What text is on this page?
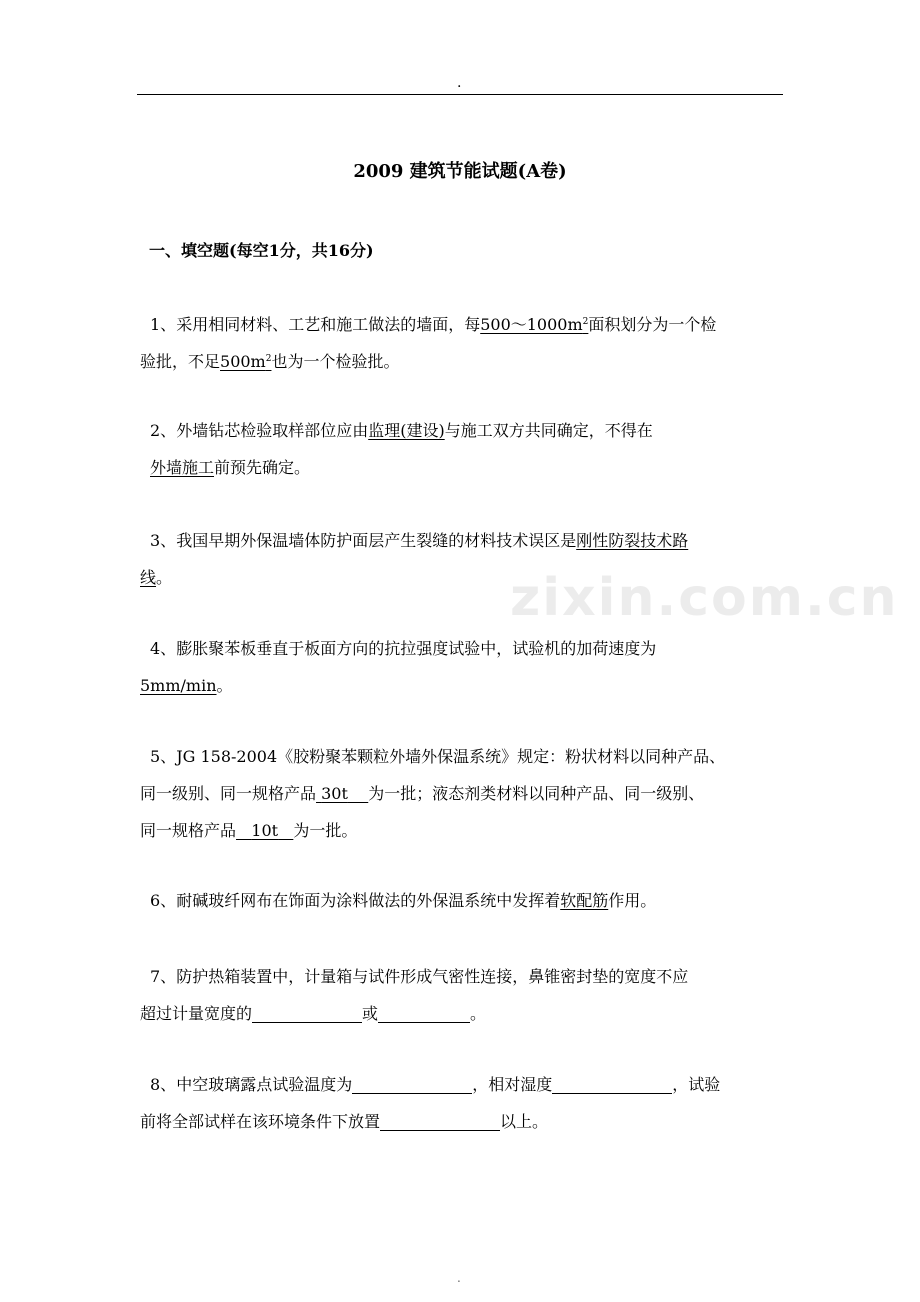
.
zixin.com.cn
2009 建筑节能试题(A卷)
一、填空题(每空1分，共16分)
1、采用相同材料、工艺和施工做法的墙面，每$500\sim 1000m^2$面积划分为一个检
验批，不足$500m^2$也为一个检验批。
2、外墙钻芯检验取样部位应由监理(建设)与施工双方共同确定，不得在
外墙施工前预先确定。
3、我国早期外保温墙体防护面层产生裂缝的材料技术误区是刚性防裂技术路
线。
4、膨胀聚苯板垂直于板面方向的抗拉强度试验中，试验机的加荷速度为
5mm/min。
5、JG 158-2004《胶粉聚苯颗粒外墙外保温系统》规定：粉状材料以同种产品、
同一级别、同一规格产品 30t 为一批；液态剂类材料以同种产品、同一级别、
同一规格产品 10t 为一批。
6、耐碱玻纤网布在饰面为涂料做法的外保温系统中发挥着软配筋作用。
7、防护热箱装置中，计量箱与试件形成气密性连接，鼻锥密封垫的宽度不应
超过计量宽度的	或	。
8、中空玻璃露点试验温度为	，相对湿度	，试验
前将全部试样在该环境条件下放置	以上。
.
